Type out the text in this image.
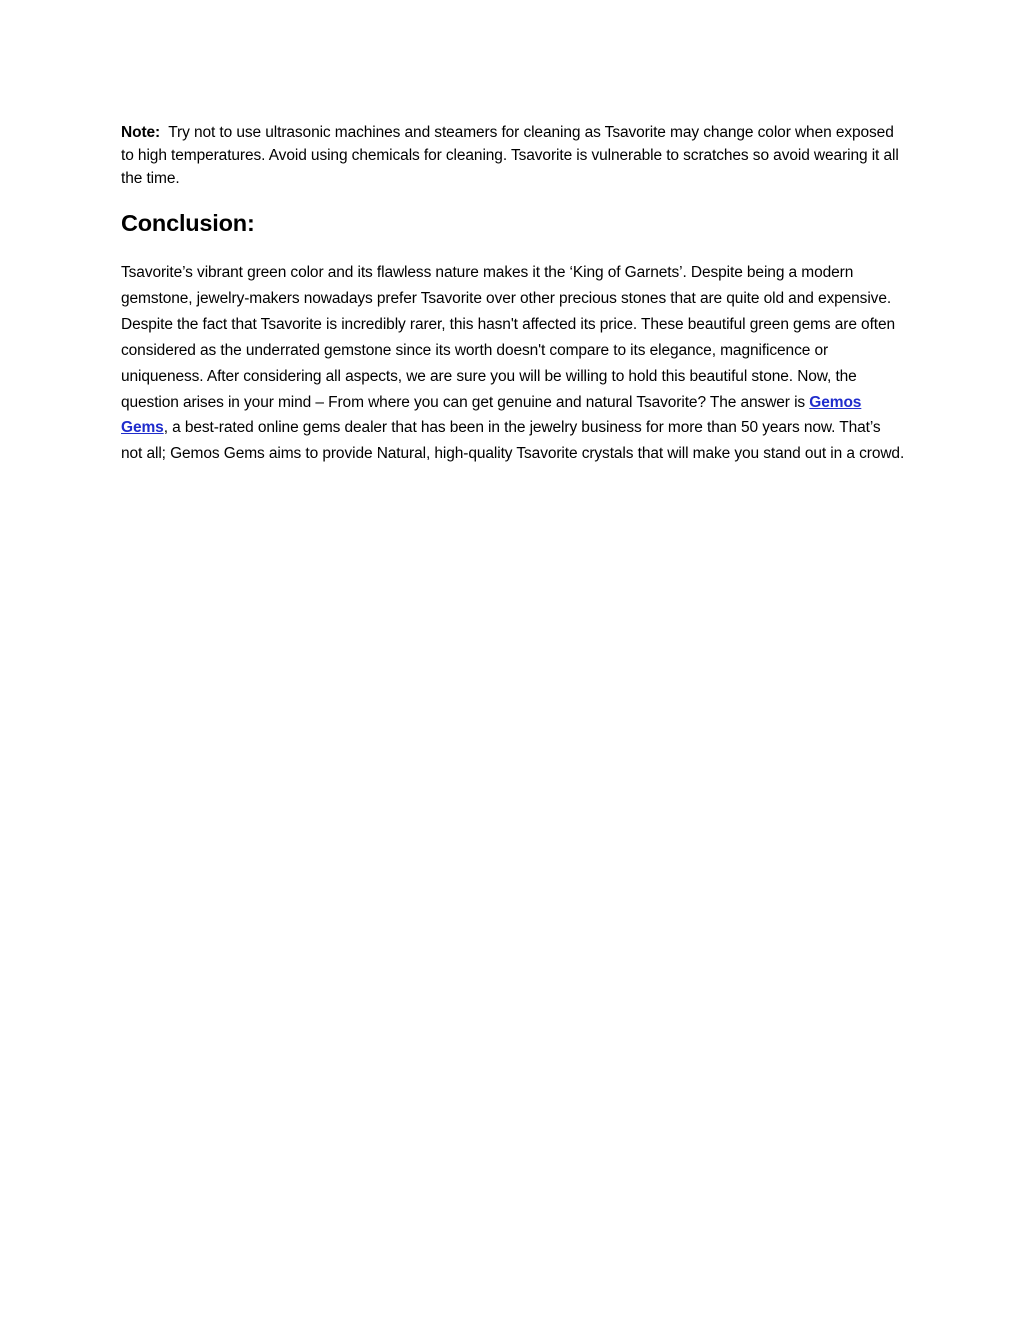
Note: Try not to use ultrasonic machines and steamers for cleaning as Tsavorite may change color when exposed to high temperatures. Avoid using chemicals for cleaning. Tsavorite is vulnerable to scratches so avoid wearing it all the time.

Conclusion:

Tsavorite’s vibrant green color and its flawless nature makes it the ‘King of Garnets’. Despite being a modern gemstone, jewelry-makers nowadays prefer Tsavorite over other precious stones that are quite old and expensive. Despite the fact that Tsavorite is incredibly rarer, this hasn't affected its price. These beautiful green gems are often considered as the underrated gemstone since its worth doesn't compare to its elegance, magnificence or uniqueness. After considering all aspects, we are sure you will be willing to hold this beautiful stone. Now, the question arises in your mind – From where you can get genuine and natural Tsavorite? The answer is Gemos Gems, a best-rated online gems dealer that has been in the jewelry business for more than 50 years now. That’s not all; Gemos Gems aims to provide Natural, high-quality Tsavorite crystals that will make you stand out in a crowd.
